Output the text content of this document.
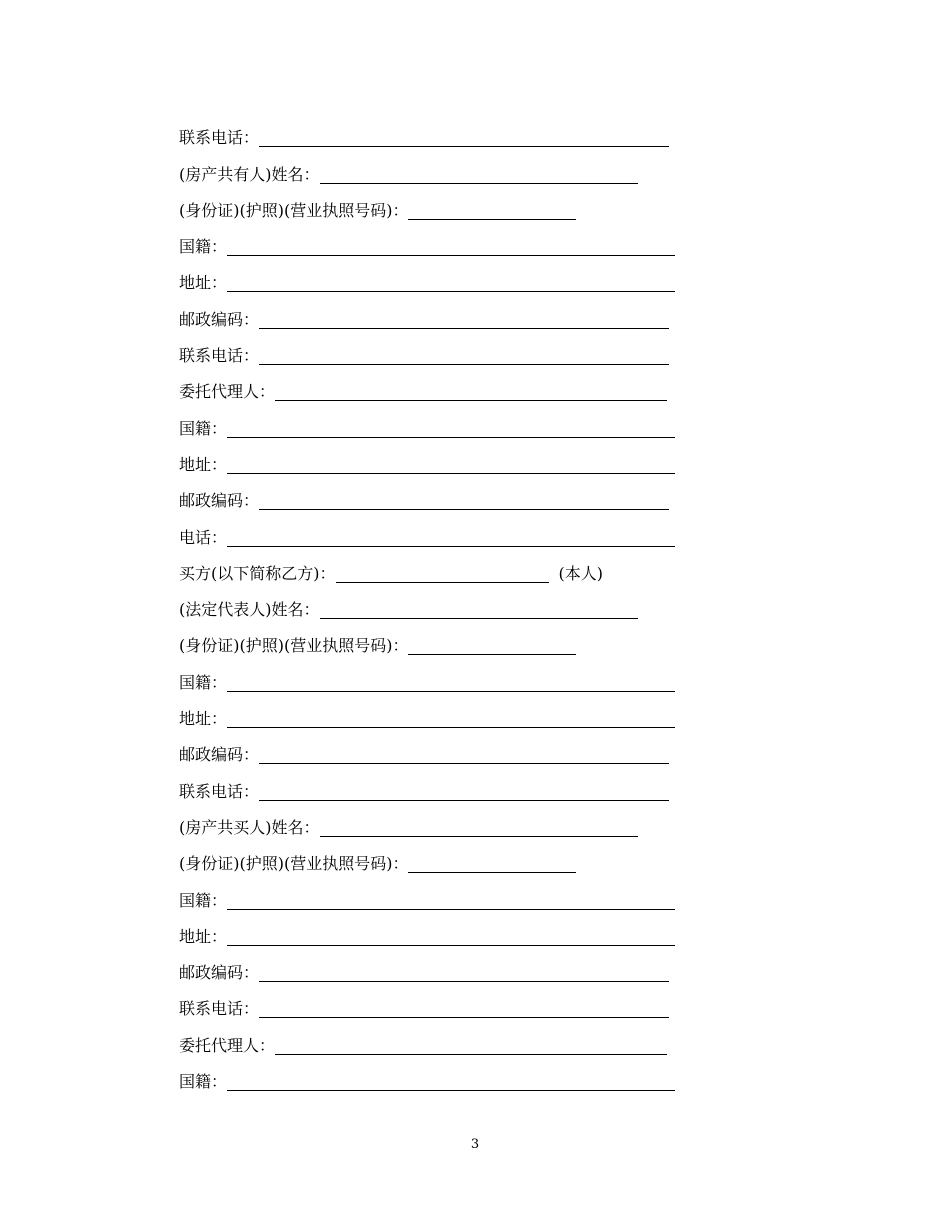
联系电话：
(房产共有人)姓名：
(身份证)(护照)(营业执照号码)：
国籍：
地址：
邮政编码：
联系电话：
委托代理人：
国籍：
地址：
邮政编码：
电话：
买方(以下简称乙方)：	(本人)
(法定代表人)姓名：
(身份证)(护照)(营业执照号码)：
国籍：
地址：
邮政编码：
联系电话：
(房产共买人)姓名：
(身份证)(护照)(营业执照号码)：
国籍：
地址：
邮政编码：
联系电话：
委托代理人：
国籍：
3
